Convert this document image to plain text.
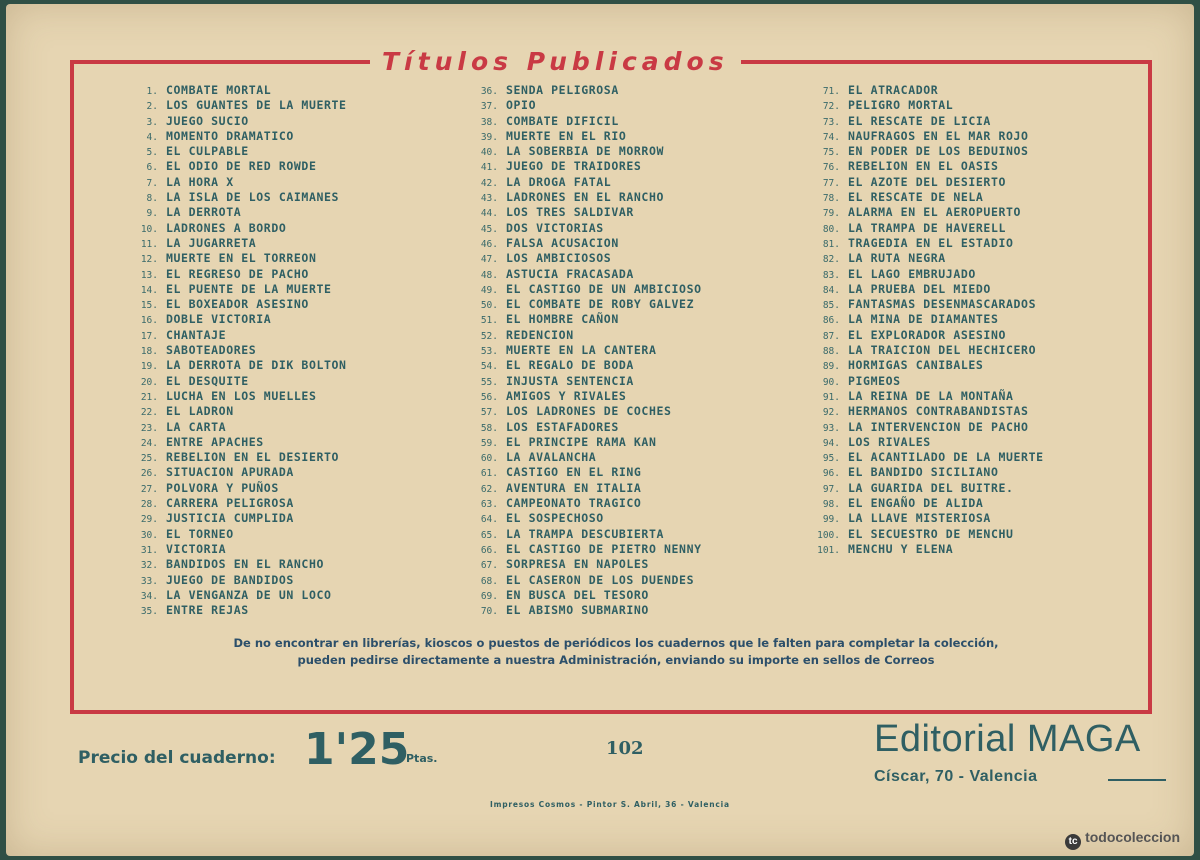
Títulos Publicados
1. COMBATE MORTAL
2. LOS GUANTES DE LA MUERTE
3. JUEGO SUCIO
4. MOMENTO DRAMATICO
5. EL CULPABLE
6. EL ODIO DE RED ROWDE
7. LA HORA X
8. LA ISLA DE LOS CAIMANES
9. LA DERROTA
10. LADRONES A BORDO
11. LA JUGARRETA
12. MUERTE EN EL TORREON
13. EL REGRESO DE PACHO
14. EL PUENTE DE LA MUERTE
15. EL BOXEADOR ASESINO
16. DOBLE VICTORIA
17. CHANTAJE
18. SABOTEADORES
19. LA DERROTA DE DIK BOLTON
20. EL DESQUITE
21. LUCHA EN LOS MUELLES
22. EL LADRON
23. LA CARTA
24. ENTRE APACHES
25. REBELION EN EL DESIERTO
26. SITUACION APURADA
27. POLVORA Y PUÑOS
28. CARRERA PELIGROSA
29. JUSTICIA CUMPLIDA
30. EL TORNEO
31. VICTORIA
32. BANDIDOS EN EL RANCHO
33. JUEGO DE BANDIDOS
34. LA VENGANZA DE UN LOCO
35. ENTRE REJAS
36. SENDA PELIGROSA
37. OPIO
38. COMBATE DIFICIL
39. MUERTE EN EL RIO
40. LA SOBERBIA DE MORROW
41. JUEGO DE TRAIDORES
42. LA DROGA FATAL
43. LADRONES EN EL RANCHO
44. LOS TRES SALDIVAR
45. DOS VICTORIAS
46. FALSA ACUSACION
47. LOS AMBICIOSOS
48. ASTUCIA FRACASADA
49. EL CASTIGO DE UN AMBICIOSO
50. EL COMBATE DE ROBY GALVEZ
51. EL HOMBRE CAÑON
52. REDENCION
53. MUERTE EN LA CANTERA
54. EL REGALO DE BODA
55. INJUSTA SENTENCIA
56. AMIGOS Y RIVALES
57. LOS LADRONES DE COCHES
58. LOS ESTAFADORES
59. EL PRINCIPE RAMA KAN
60. LA AVALANCHA
61. CASTIGO EN EL RING
62. AVENTURA EN ITALIA
63. CAMPEONATO TRAGICO
64. EL SOSPECHOSO
65. LA TRAMPA DESCUBIERTA
66. EL CASTIGO DE PIETRO NENNY
67. SORPRESA EN NAPOLES
68. EL CASERON DE LOS DUENDES
69. EN BUSCA DEL TESORO
70. EL ABISMO SUBMARINO
71. EL ATRACADOR
72. PELIGRO MORTAL
73. EL RESCATE DE LICIA
74. NAUFRAGOS EN EL MAR ROJO
75. EN PODER DE LOS BEDUINOS
76. REBELION EN EL OASIS
77. EL AZOTE DEL DESIERTO
78. EL RESCATE DE NELA
79. ALARMA EN EL AEROPUERTO
80. LA TRAMPA DE HAVERELL
81. TRAGEDIA EN EL ESTADIO
82. LA RUTA NEGRA
83. EL LAGO EMBRUJADO
84. LA PRUEBA DEL MIEDO
85. FANTASMAS DESENMASCARADOS
86. LA MINA DE DIAMANTES
87. EL EXPLORADOR ASESINO
88. LA TRAICION DEL HECHICERO
89. HORMIGAS CANIBALES
90. PIGMEOS
91. LA REINA DE LA MONTAÑA
92. HERMANOS CONTRABANDISTAS
93. LA INTERVENCION DE PACHO
94. LOS RIVALES
95. EL ACANTILADO DE LA MUERTE
96. EL BANDIDO SICILIANO
97. LA GUARIDA DEL BUITRE.
98. EL ENGAÑO DE ALIDA
99. LA LLAVE MISTERIOSA
100. EL SECUESTRO DE MENCHU
101. MENCHU Y ELENA
De no encontrar en librerías, kioscos o puestos de periódicos los cuadernos que le falten para completar la colección,
pueden pedirse directamente a nuestra Administración, enviando su importe en sellos de Correos
Precio del cuaderno: 1'25
Ptas.	102	Editorial MAGA
Císcar, 70 - Valencia
Impresos Cosmos - Pintor S. Abril, 36 - Valencia
tc todocoleccion
